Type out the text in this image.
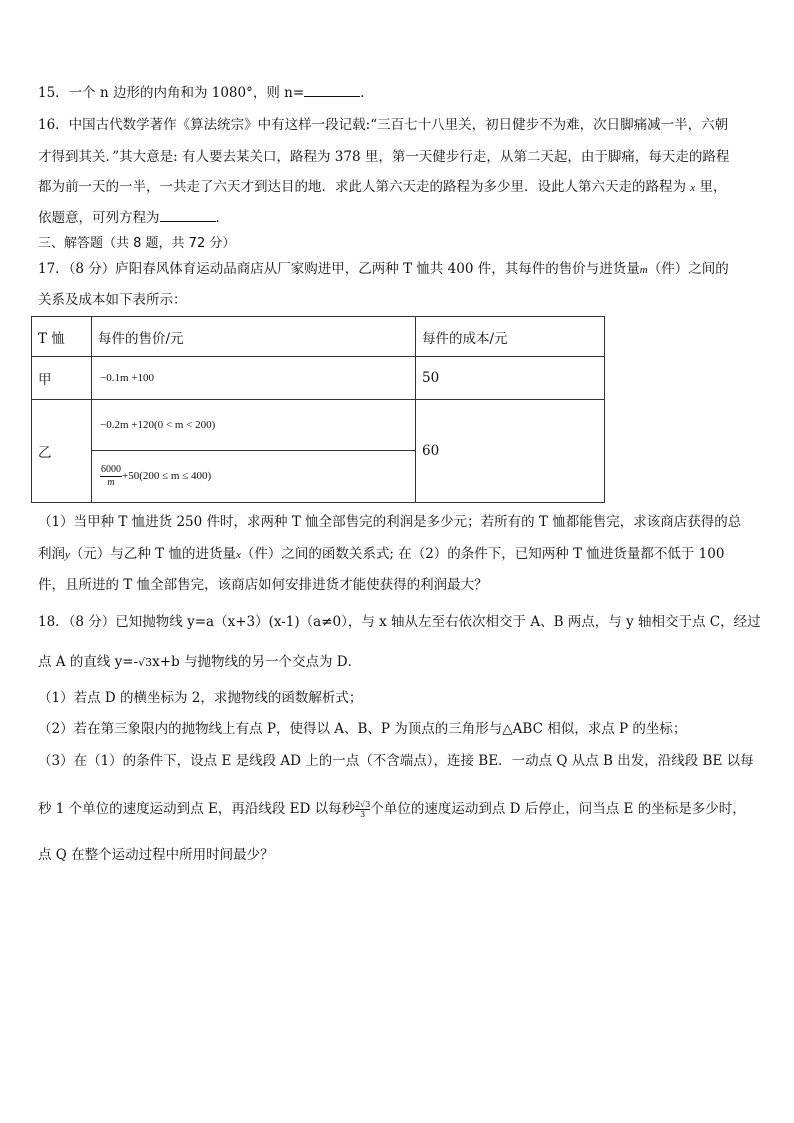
15．一个 n 边形的内角和为 1080°，则 n=	.
16．中国古代数学著作《算法统宗》中有这样一段记载:“三百七十八里关，初日健步不为难，次日脚痛减一半，六朝
才得到其关．”其大意是: 有人要去某关口，路程为 378 里，第一天健步行走，从第二天起，由于脚痛，每天走的路程
都为前一天的一半，一共走了六天才到达目的地．求此人第六天走的路程为多少里．设此人第六天走的路程为 x 里，
依题意，可列方程为	．
三、解答题（共 8 题，共 72 分）
17．（8 分）庐阳春风体育运动品商店从厂家购进甲，乙两种 T 恤共 400 件，其每件的售价与进货量m（件）之间的
关系及成本如下表所示：
T 恤	每件的售价/元	每件的成本/元
甲	−0.1m +100	50
乙	−0.2m +120(0 < m < 200)	60

	$\frac{6000}{m} +50(200 \le m \le 400)$	
（1）当甲种 T 恤进货 250 件时，求两种 T 恤全部售完的利润是多少元；若所有的 T 恤都能售完，求该商店获得的总
利润y（元）与乙种 T 恤的进货量x（件）之间的函数关系式; 在（2）的条件下，已知两种 T 恤进货量都不低于 100
件，且所进的 T 恤全部售完，该商店如何安排进货才能使获得的利润最大？
18．（8 分）已知抛物线 y=a（x+3）(x-1)（a≠0），与 x 轴从左至右依次相交于 A、B 两点，与 y 轴相交于点 C，经过
点 A 的直线 y=-√3x+b 与抛物线的另一个交点为 D．
（1）若点 D 的横坐标为 2，求抛物线的函数解析式；
（2）若在第三象限内的抛物线上有点 P，使得以 A、B、P 为顶点的三角形与△ABC 相似，求点 P 的坐标；
（3）在（1）的条件下，设点 E 是线段 AD 上的一点（不含端点），连接 BE．一动点 Q 从点 B 出发，沿线段 BE 以每
秒 1 个单位的速度运动到点 E，再沿线段 ED 以每秒 $\frac{2√3}{3}$个单位的速度运动到点 D 后停止，问当点 E 的坐标是多少时，
点 Q 在整个运动过程中所用时间最少？
